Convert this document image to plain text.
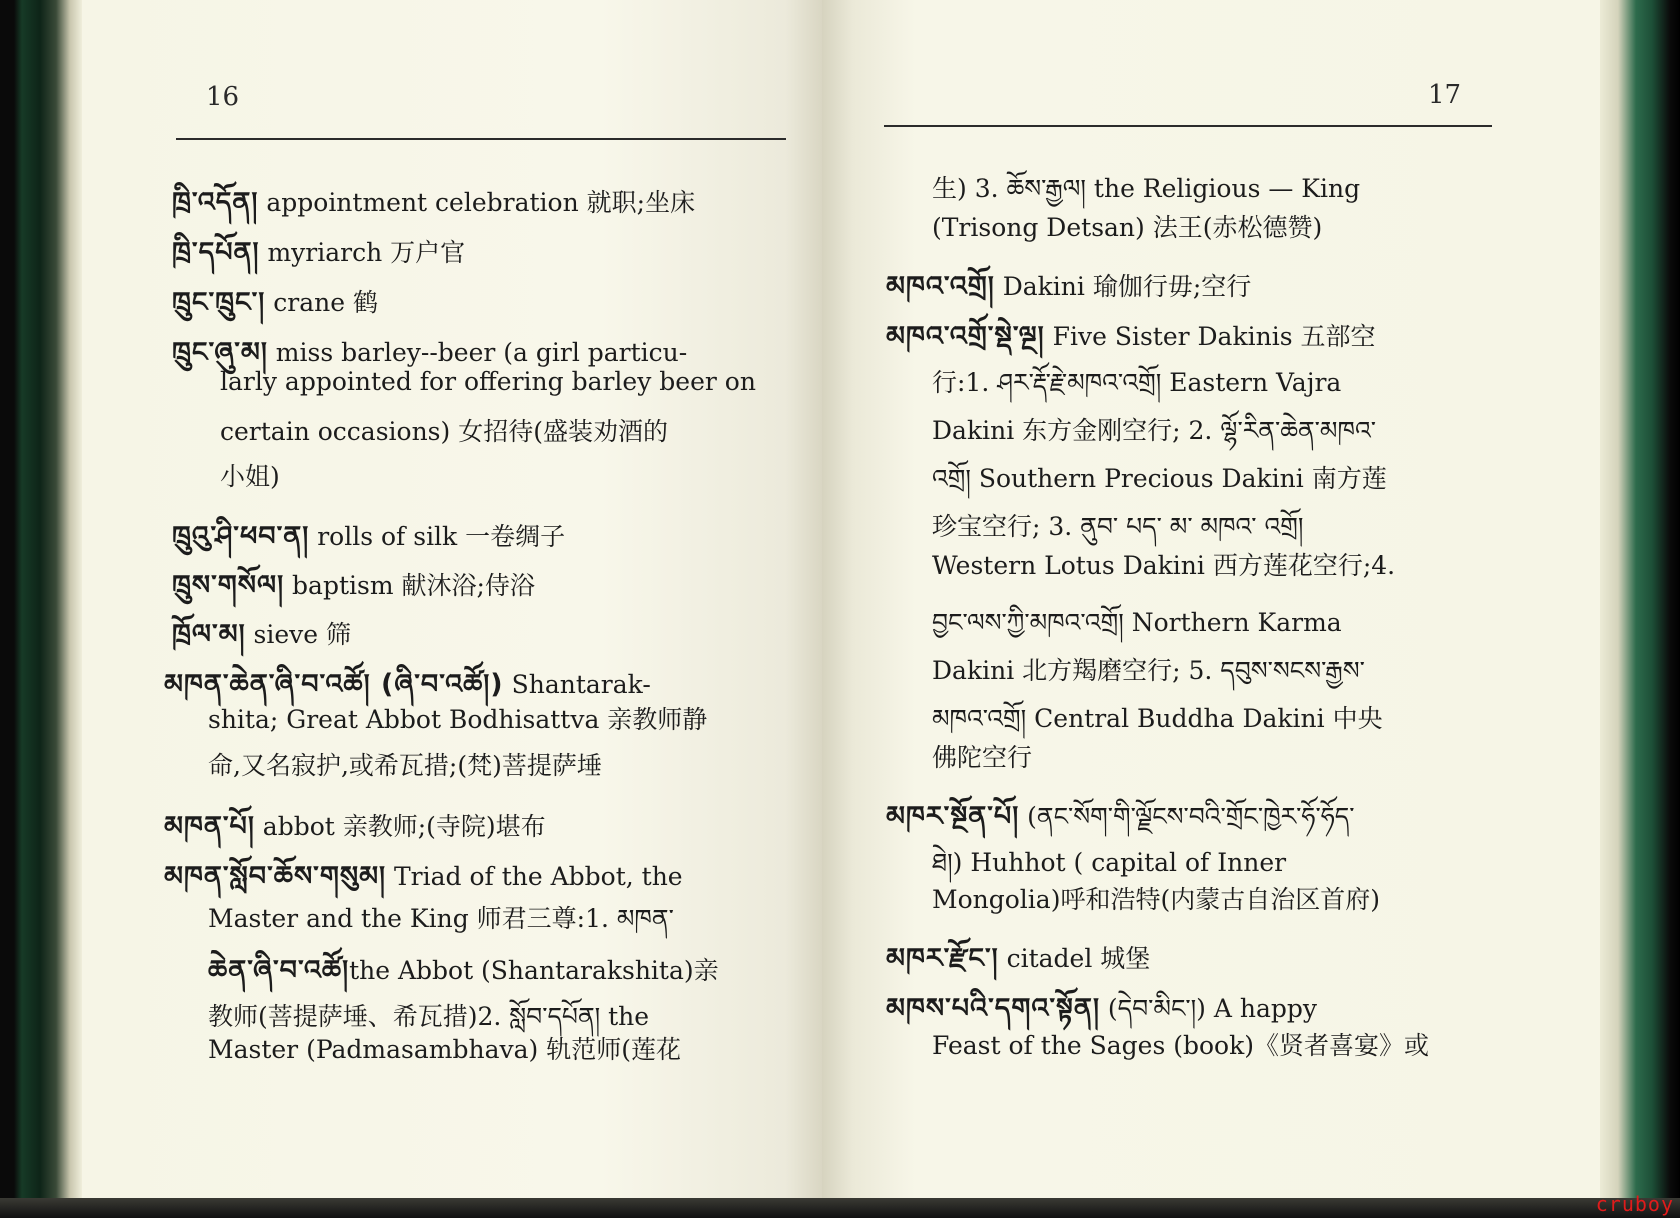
16	17
ཁྲི་འདོན། appointment celebration 就职;坐床
ཁྲི་དཔོན། myriarch 万户官
ཁྲུང་ཁྲུང་། crane 鹤
ཁྲུང་ཞུ་མ། miss barley--beer (a girl particu-
larly appointed for offering barley beer on
certain occasions) 女招待(盛装劝酒的
小姐)
ཁྲུའུ་ཤི་ཕབ་ན། rolls of silk 一卷绸子
ཁྲུས་གསོལ། baptism 献沐浴;侍浴
ཁྲོལ་མ། sieve 筛
མཁན་ཆེན་ཞི་བ་འཚོ། (ཞི་བ་འཚོ།) Shantarak-
shita; Great Abbot Bodhisattva 亲教师静
命,又名寂护,或希瓦措;(梵)菩提萨埵
མཁན་པོ། abbot 亲教师;(寺院)堪布
མཁན་སློབ་ཆོས་གསུམ། Triad of the Abbot, the
Master and the King 师君三尊:1. མཁན་
ཆེན་ཞི་བ་འཚོ།the Abbot (Shantarakshita)亲
教师(菩提萨埵、希瓦措)2. སློབ་དཔོན། the
Master (Padmasambhava) 轨范师(莲花
生) 3. ཆོས་རྒྱལ། the Religious — King
(Trisong Detsan) 法王(赤松德赞)
མཁའ་འགྲོ། Dakini 瑜伽行毋;空行
མཁའ་འགྲོ་སྡེ་ལྔ། Five Sister Dakinis 五部空
行:1. ཤར་རྡོ་རྗེ་མཁའ་འགྲོ། Eastern Vajra
Dakini 东方金刚空行; 2. ལྷོ་རིན་ཆེན་མཁའ་
འགྲོ། Southern Precious Dakini 南方莲
珍宝空行; 3. ནུབ་ པད་ མ་ མཁའ་ འགྲོ།
Western Lotus Dakini 西方莲花空行;4.
བྱང་ལས་ཀྱི་མཁའ་འགྲོ། Northern Karma
Dakini 北方羯磨空行; 5. དབུས་སངས་རྒྱས་
མཁའ་འགྲོ། Central Buddha Dakini 中央
佛陀空行
མཁར་སྔོན་པོ། (ནང་སོག་གི་ལྗོངས་བའི་གྲོང་ཁྱེར་ཧོ་ཧོད་
ཐེ།) Huhhot ( capital of Inner
Mongolia)呼和浩特(内蒙古自治区首府)
མཁར་རྫོང་། citadel 城堡
མཁས་པའི་དགའ་སྟོན། (དེབ་མིང་།) A happy
Feast of the Sages (book)《贤者喜宴》或
cruboy
